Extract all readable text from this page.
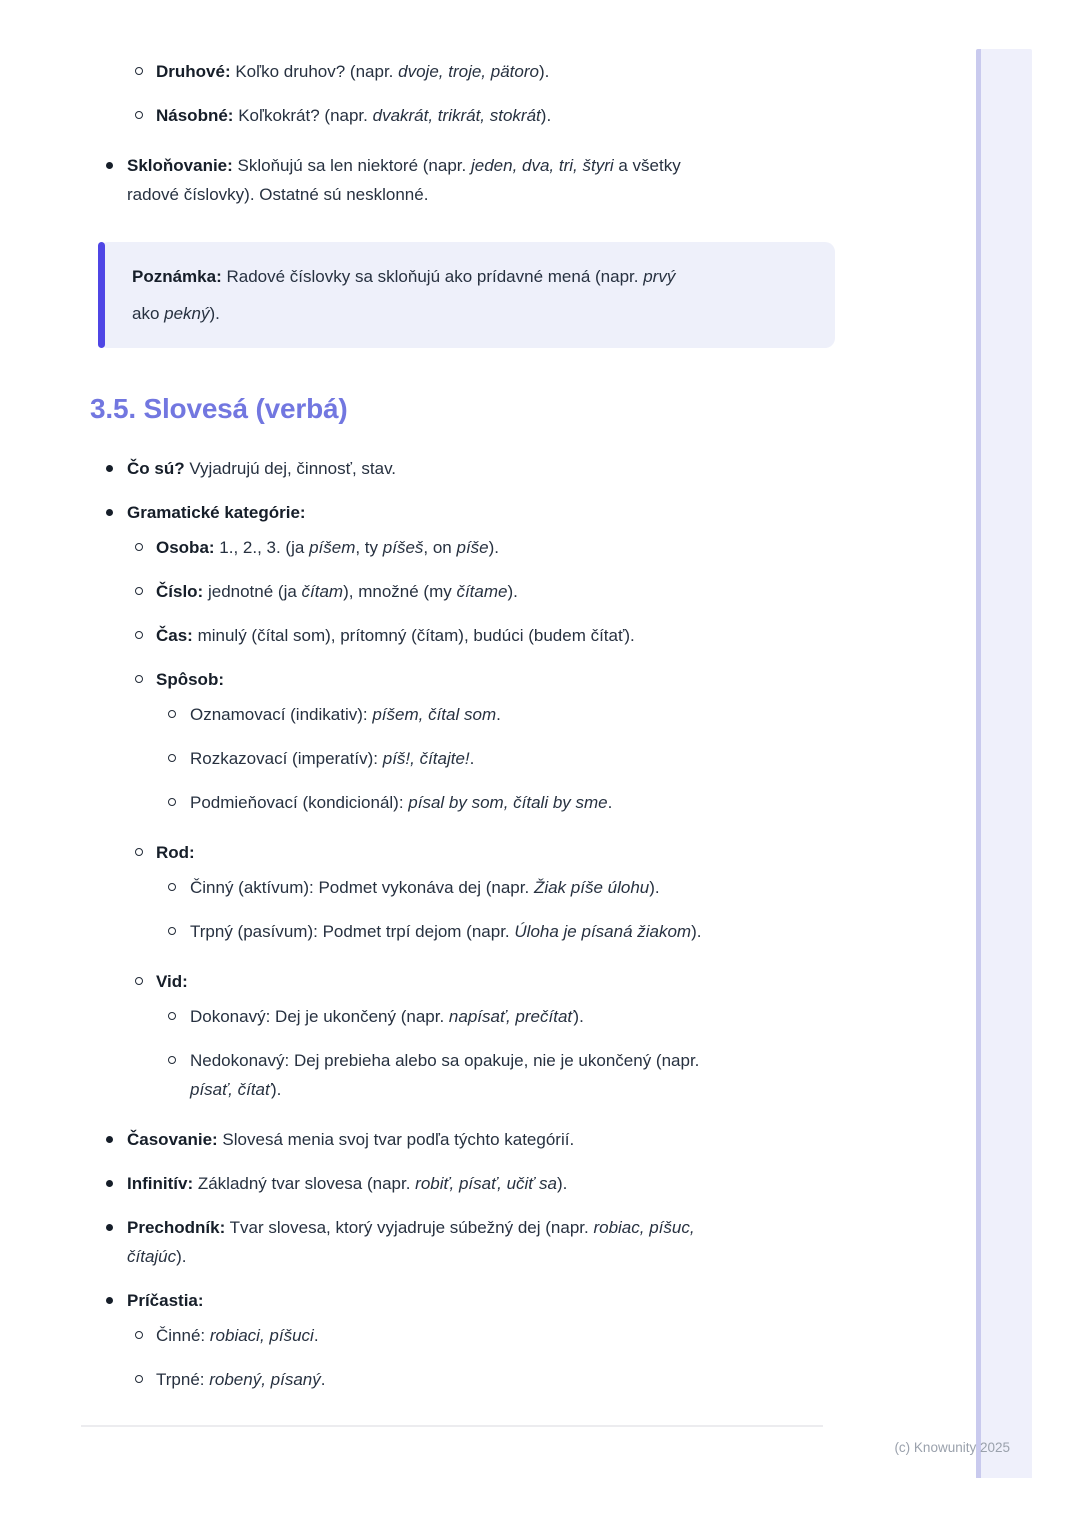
Druhové: Koľko druhov? (napr. dvoje, troje, pätoro).
Násobné: Koľkokrát? (napr. dvakrát, trikrát, stokrát).
Skloňovanie: Skloňujú sa len niektoré (napr. jeden, dva, tri, štyri a všetky
radové číslovky). Ostatné sú nesklonné.
Poznámka: Radové číslovky sa skloňujú ako prídavné mená (napr. prvý
ako pekný).
3.5. Slovesá (verbá)
Čo sú? Vyjadrujú dej, činnosť, stav.
Gramatické kategórie:
Osoba: 1., 2., 3. (ja píšem, ty píšeš, on píše).
Číslo: jednotné (ja čítam), množné (my čítame).
Čas: minulý (čítal som), prítomný (čítam), budúci (budem čítať).
Spôsob:
Oznamovací (indikativ): píšem, čítal som.
Rozkazovací (imperatív): píš!, čítajte!.
Podmieňovací (kondicionál): písal by som, čítali by sme.
Rod:
Činný (aktívum): Podmet vykonáva dej (napr. Žiak píše úlohu).
Trpný (pasívum): Podmet trpí dejom (napr. Úloha je písaná žiakom).
Vid:
Dokonavý: Dej je ukončený (napr. napísať, prečítať).
Nedokonavý: Dej prebieha alebo sa opakuje, nie je ukončený (napr.
písať, čítať).
Časovanie: Slovesá menia svoj tvar podľa týchto kategórií.
Infinitív: Základný tvar slovesa (napr. robiť, písať, učiť sa).
Prechodník: Tvar slovesa, ktorý vyjadruje súbežný dej (napr. robiac, píšuc,
čítajúc).
Príčastia:
Činné: robiaci, píšuci.
Trpné: robený, písaný.
(c) Knowunity 2025
